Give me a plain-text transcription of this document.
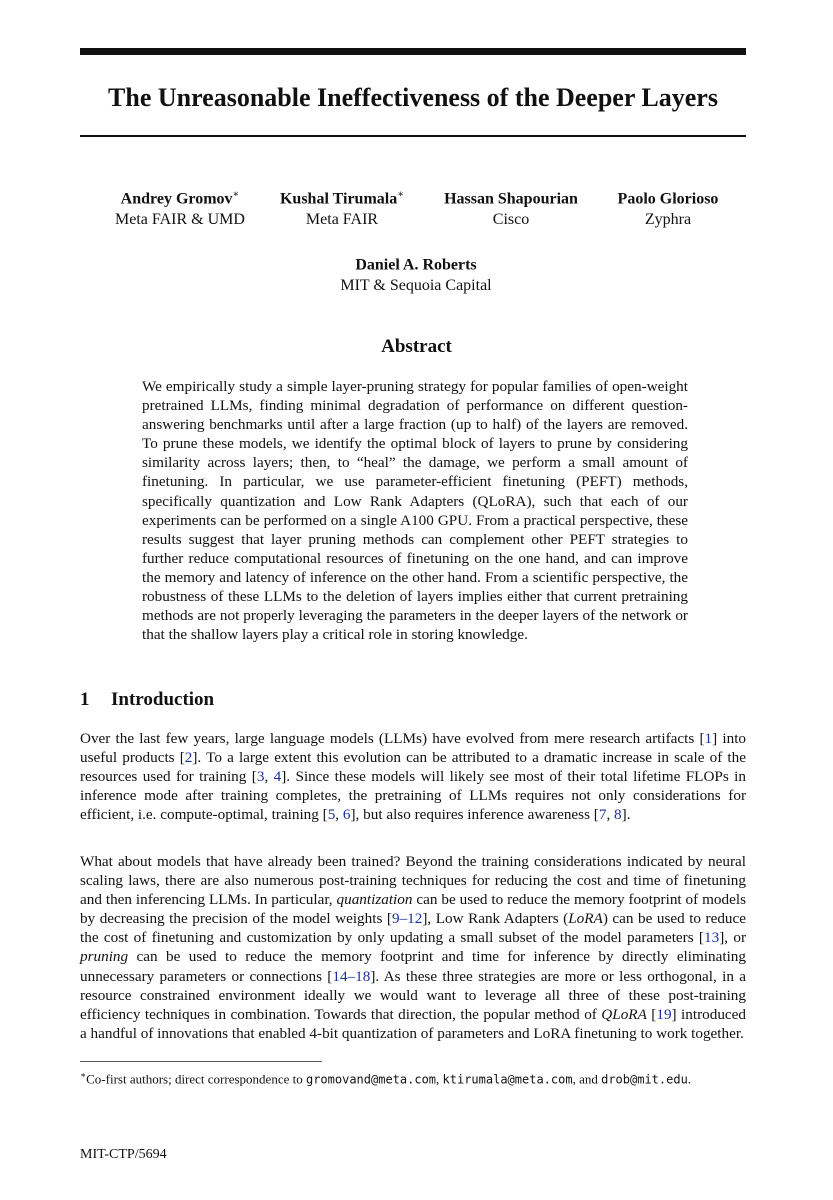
The Unreasonable Ineffectiveness of the Deeper Layers
Andrey Gromov∗
Meta FAIR & UMD
Kushal Tirumala∗
Meta FAIR
Hassan Shapourian
Cisco
Paolo Glorioso
Zyphra
Daniel A. Roberts
MIT & Sequoia Capital
Abstract

We empirically study a simple layer-pruning strategy for popular families of open-weight pretrained LLMs, finding minimal degradation of performance on different question-answering benchmarks until after a large fraction (up to half) of the layers are removed. To prune these models, we identify the optimal block of layers to prune by considering similarity across layers; then, to “heal” the damage, we perform a small amount of finetuning. In particular, we use parameter-efficient finetuning (PEFT) methods, specifically quantization and Low Rank Adapters (QLoRA), such that each of our experiments can be performed on a single A100 GPU. From a practical perspective, these results suggest that layer pruning methods can complement other PEFT strategies to further reduce computational resources of finetuning on the one hand, and can improve the memory and latency of inference on the other hand. From a scientific perspective, the robustness of these LLMs to the deletion of layers implies either that current pretraining methods are not properly leveraging the parameters in the deeper layers of the network or that the shallow layers play a critical role in storing knowledge.

1 Introduction

Over the last few years, large language models (LLMs) have evolved from mere research artifacts [1] into useful products [2]. To a large extent this evolution can be attributed to a dramatic increase in scale of the resources used for training [3, 4]. Since these models will likely see most of their total lifetime FLOPs in inference mode after training completes, the pretraining of LLMs requires not only considerations for efficient, i.e. compute-optimal, training [5, 6], but also requires inference awareness [7, 8].

What about models that have already been trained? Beyond the training considerations indicated by neural scaling laws, there are also numerous post-training techniques for reducing the cost and time of finetuning and then inferencing LLMs. In particular, quantization can be used to reduce the memory footprint of models by decreasing the precision of the model weights [9–12], Low Rank Adapters (LoRA) can be used to reduce the cost of finetuning and customization by only updating a small subset of the model parameters [13], or pruning can be used to reduce the memory footprint and time for inference by directly eliminating unnecessary parameters or connections [14–18]. As these three strategies are more or less orthogonal, in a resource constrained environment ideally we would want to leverage all three of these post-training efficiency techniques in combination. Towards that direction, the popular method of QLoRA [19] introduced a handful of innovations that enabled 4-bit quantization of parameters and LoRA finetuning to work together.

∗Co-first authors; direct correspondence to gromovand@meta.com, ktirumala@meta.com, and drob@mit.edu.

MIT-CTP/5694
